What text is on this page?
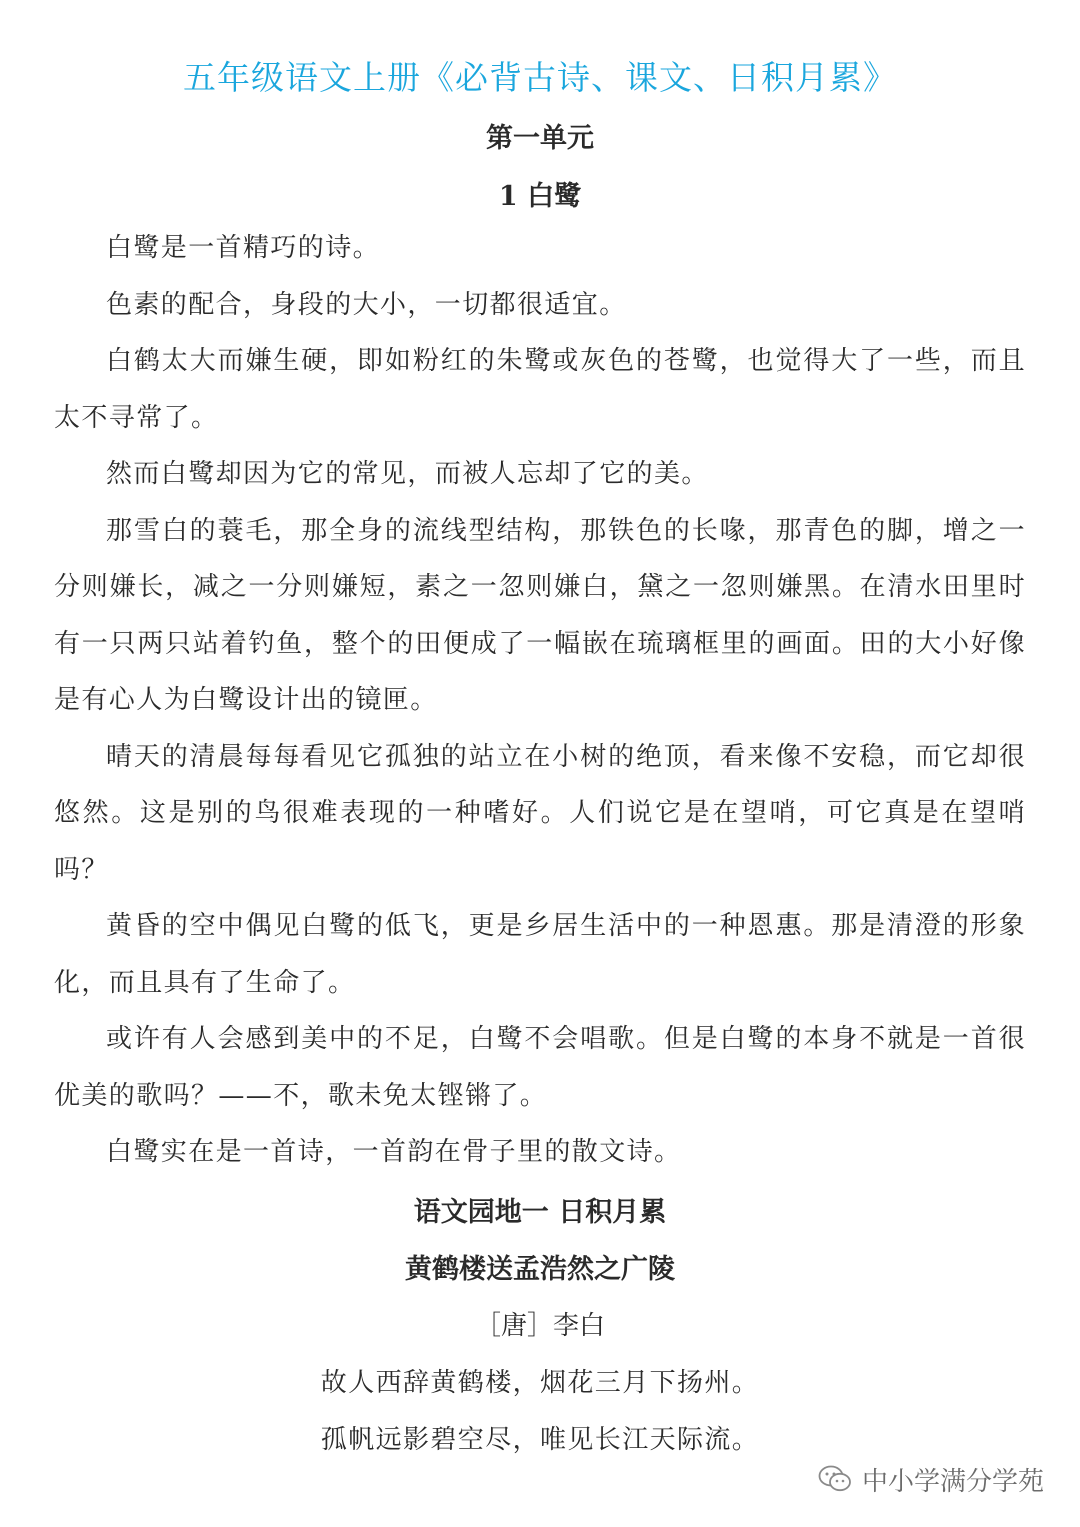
五年级语文上册《必背古诗、课文、日积月累》
第一单元
1 白鹭

白鹭是一首精巧的诗。

色素的配合，身段的大小，一切都很适宜。

白鹤太大而嫌生硬，即如粉红的朱鹭或灰色的苍鹭，也觉得大了一些，而且太不寻常了。

然而白鹭却因为它的常见，而被人忘却了它的美。

那雪白的蓑毛，那全身的流线型结构，那铁色的长喙，那青色的脚，增之一分则嫌长，减之一分则嫌短，素之一忽则嫌白，黛之一忽则嫌黑。在清水田里时有一只两只站着钓鱼，整个的田便成了一幅嵌在琉璃框里的画面。田的大小好像是有心人为白鹭设计出的镜匣。

晴天的清晨每每看见它孤独的站立在小树的绝顶，看来像不安稳，而它却很悠然。这是别的鸟很难表现的一种嗜好。人们说它是在望哨，可它真是在望哨吗？

黄昏的空中偶见白鹭的低飞，更是乡居生活中的一种恩惠。那是清澄的形象化，而且具有了生命了。

或许有人会感到美中的不足，白鹭不会唱歌。但是白鹭的本身不就是一首很优美的歌吗？——不，歌未免太铿锵了。

白鹭实在是一首诗，一首韵在骨子里的散文诗。

语文园地一 日积月累

黄鹤楼送孟浩然之广陵

［唐］李白

故人西辞黄鹤楼，烟花三月下扬州。

孤帆远影碧空尽，唯见长江天际流。

中小学满分学苑
